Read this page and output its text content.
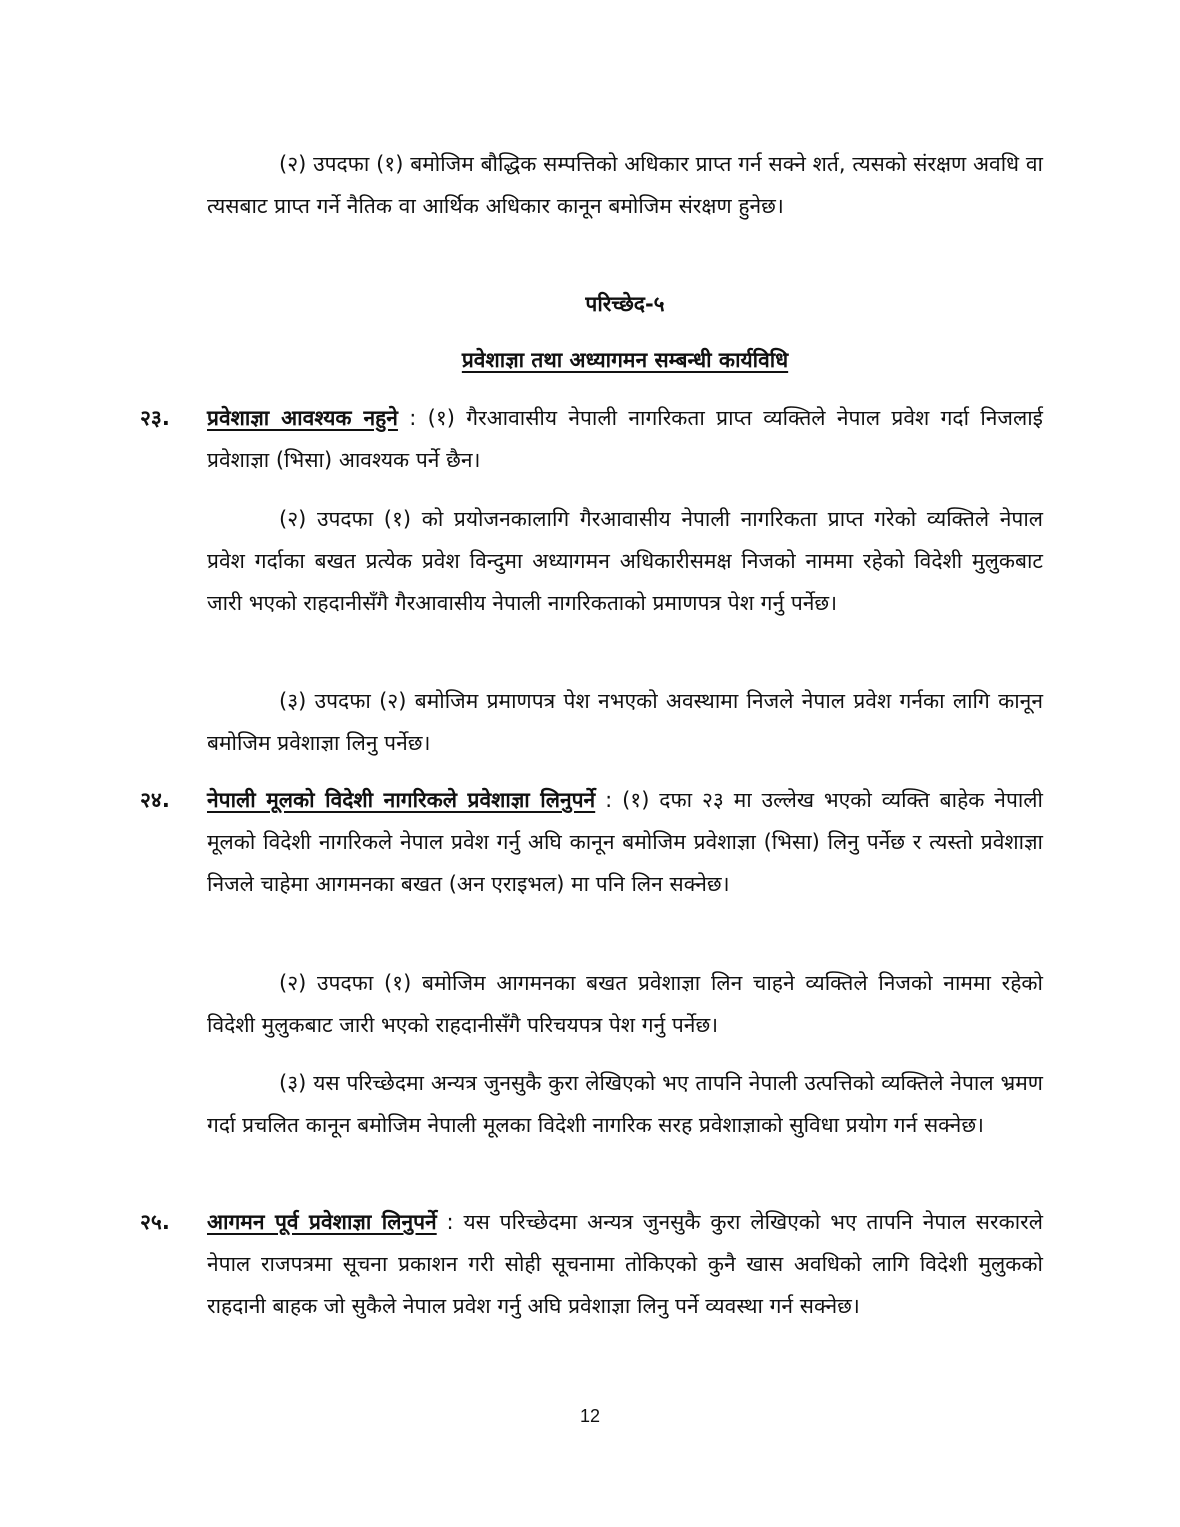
(२) उपदफा (१) बमोजिम बौद्धिक सम्पत्तिको अधिकार प्राप्त गर्न सक्ने शर्त, त्यसको संरक्षण अवधि वा त्यसबाट प्राप्त गर्ने नैतिक वा आर्थिक अधिकार कानून बमोजिम संरक्षण हुनेछ।

परिच्छेद-५

प्रवेशाज्ञा तथा अध्यागमन सम्बन्धी कार्यविधि

२३.	प्रवेशाज्ञा आवश्यक नहुने : (१) गैरआवासीय नेपाली नागरिकता प्राप्त व्यक्तिले नेपाल प्रवेश गर्दा निजलाई प्रवेशाज्ञा (भिसा) आवश्यक पर्ने छैन।

(२) उपदफा (१) को प्रयोजनकालागि गैरआवासीय नेपाली नागरिकता प्राप्त गरेको व्यक्तिले नेपाल प्रवेश गर्दाका बखत प्रत्येक प्रवेश विन्दुमा अध्यागमन अधिकारीसमक्ष निजको नाममा रहेको विदेशी मुलुकबाट जारी भएको राहदानीसँगै गैरआवासीय नेपाली नागरिकताको प्रमाणपत्र पेश गर्नु पर्नेछ।

(३) उपदफा (२) बमोजिम प्रमाणपत्र पेश नभएको अवस्थामा निजले नेपाल प्रवेश गर्नका लागि कानून बमोजिम प्रवेशाज्ञा लिनु पर्नेछ।

२४.	नेपाली मूलको विदेशी नागरिकले प्रवेशाज्ञा लिनुपर्ने : (१) दफा २३ मा उल्लेख भएको व्यक्ति बाहेक नेपाली मूलको विदेशी नागरिकले नेपाल प्रवेश गर्नु अघि कानून बमोजिम प्रवेशाज्ञा (भिसा) लिनु पर्नेछ र त्यस्तो प्रवेशाज्ञा निजले चाहेमा आगमनका बखत (अन एराइभल) मा पनि लिन सक्नेछ।

(२) उपदफा (१) बमोजिम आगमनका बखत प्रवेशाज्ञा लिन चाहने व्यक्तिले निजको नाममा रहेको विदेशी मुलुकबाट जारी भएको राहदानीसँगै परिचयपत्र पेश गर्नु पर्नेछ।

(३) यस परिच्छेदमा अन्यत्र जुनसुकै कुरा लेखिएको भए तापनि नेपाली उत्पत्तिको व्यक्तिले नेपाल भ्रमण गर्दा प्रचलित कानून बमोजिम नेपाली मूलका विदेशी नागरिक सरह प्रवेशाज्ञाको सुविधा प्रयोग गर्न सक्नेछ।

२५.	आगमन पूर्व प्रवेशाज्ञा लिनुपर्ने : यस परिच्छेदमा अन्यत्र जुनसुकै कुरा लेखिएको भए तापनि नेपाल सरकारले नेपाल राजपत्रमा सूचना प्रकाशन गरी सोही सूचनामा तोकिएको कुनै खास अवधिको लागि विदेशी मुलुकको राहदानी बाहक जो सुकैले नेपाल प्रवेश गर्नु अघि प्रवेशाज्ञा लिनु पर्ने व्यवस्था गर्न सक्नेछ।

12
